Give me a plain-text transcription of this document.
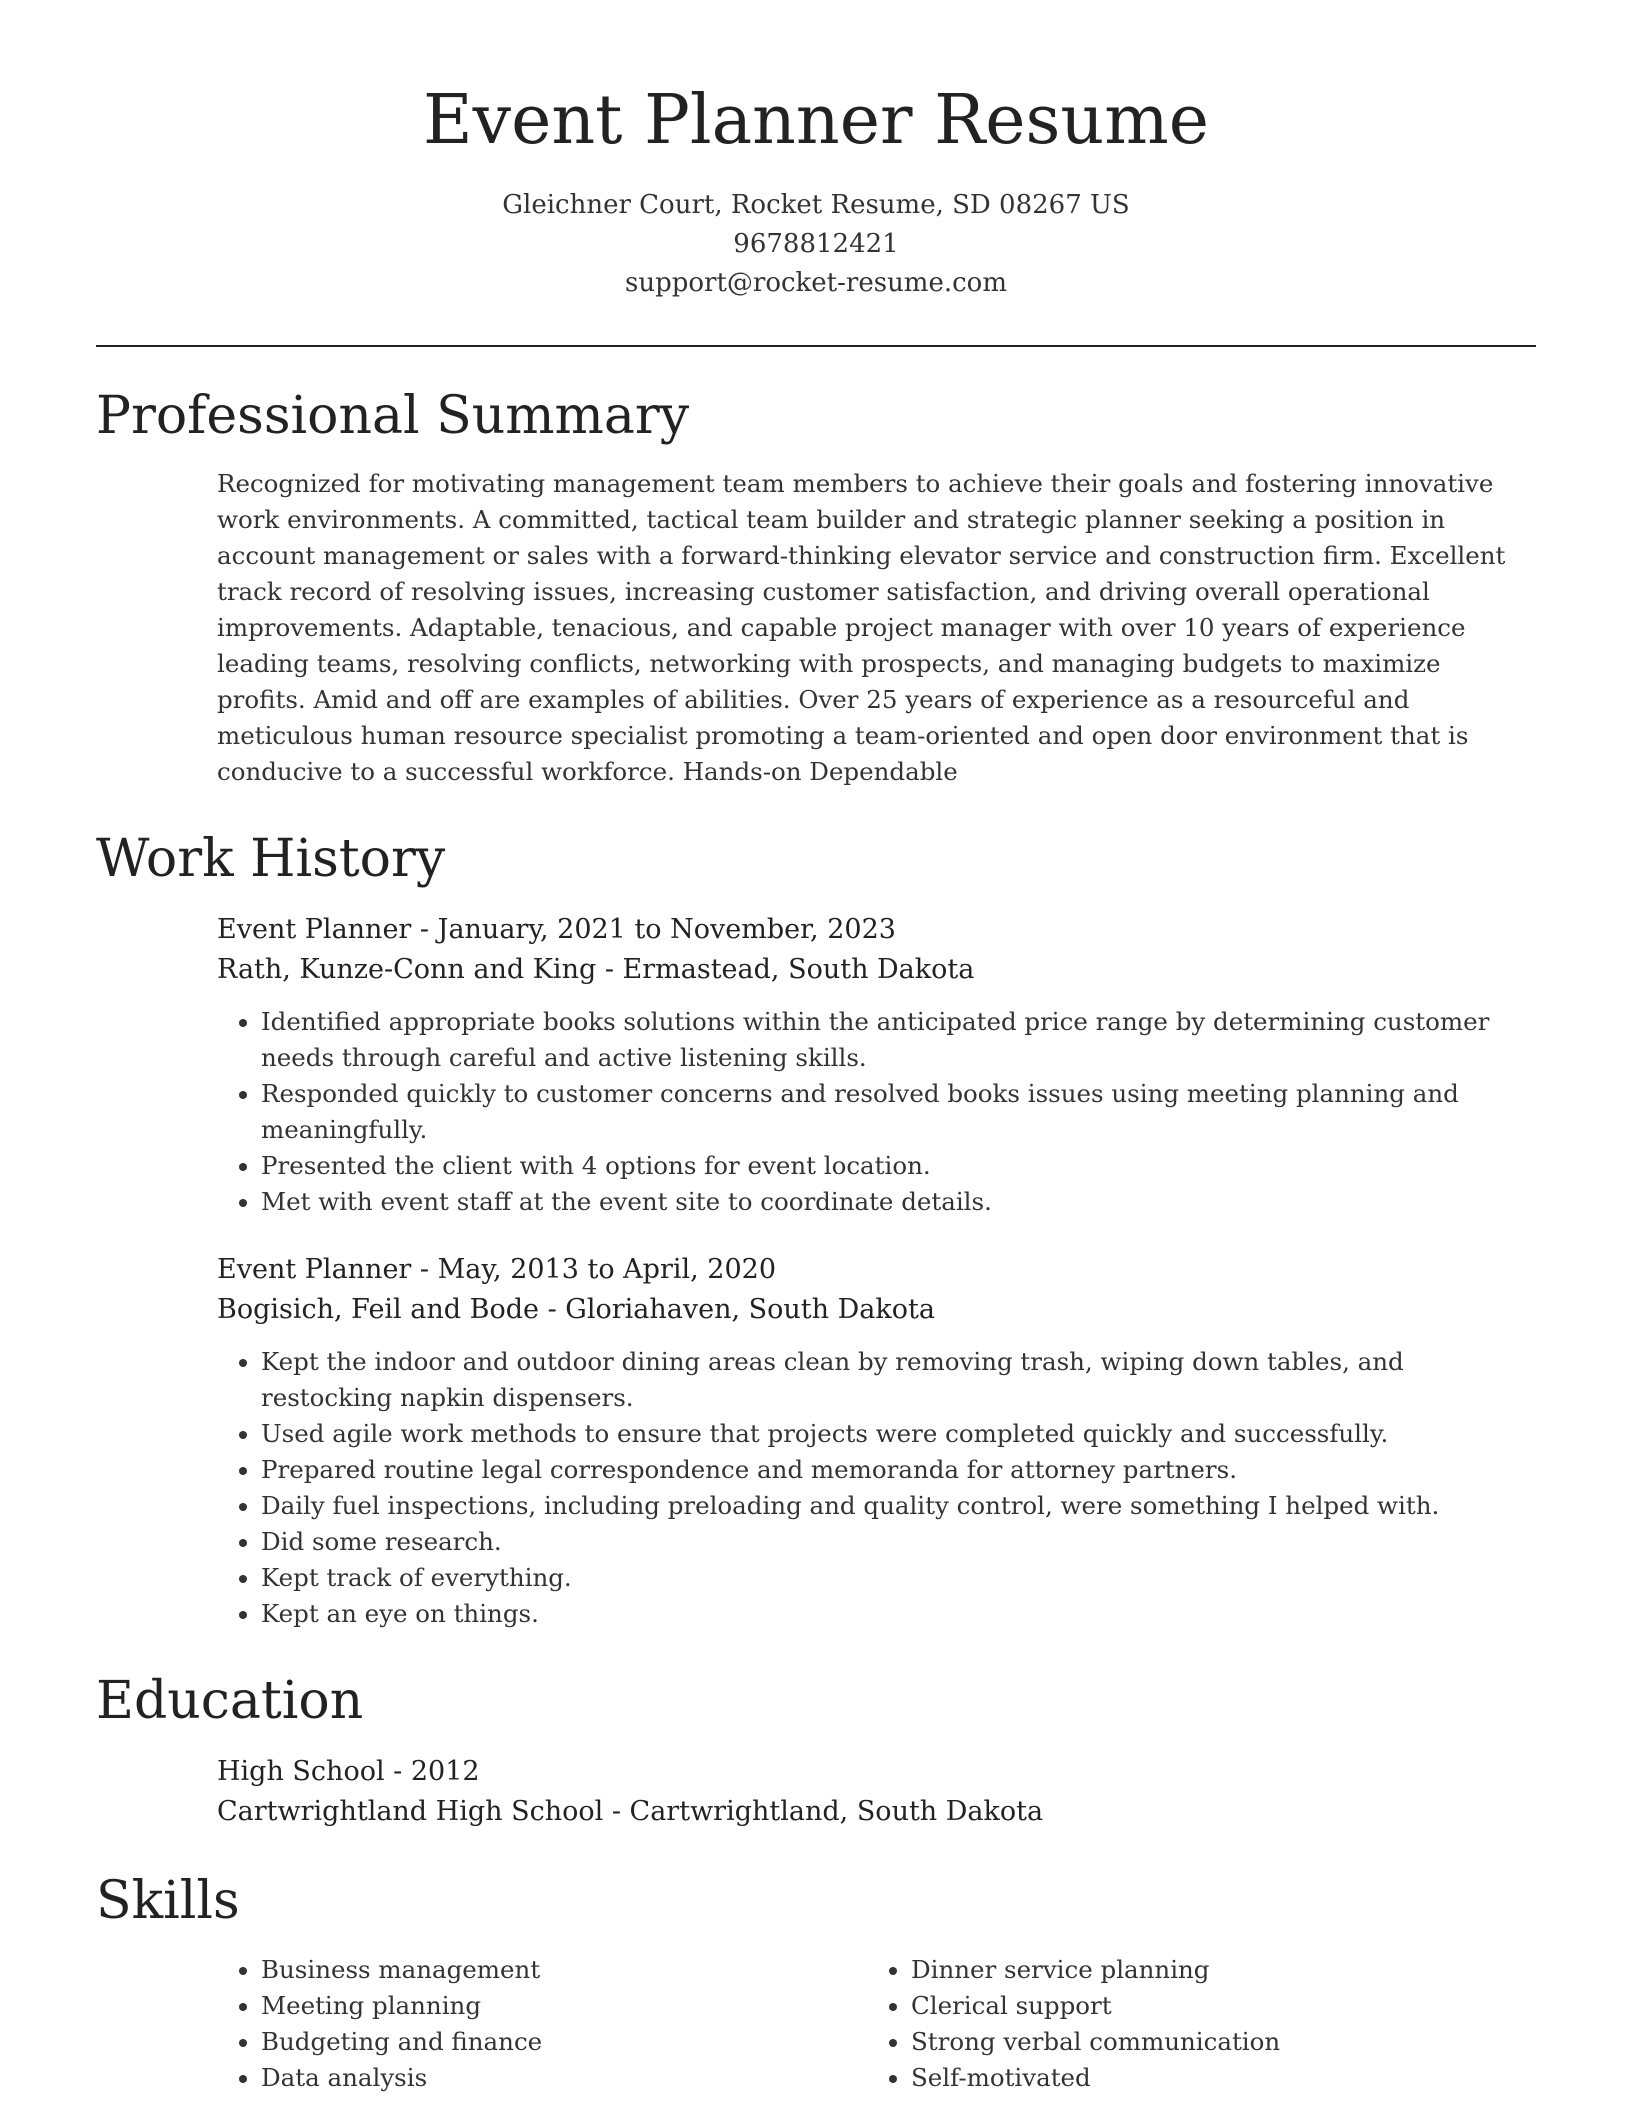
Event Planner Resume
Gleichner Court, Rocket Resume, SD 08267 US
9678812421
support@rocket-resume.com
Professional Summary

Recognized for motivating management team members to achieve their goals and fostering innovative work environments. A committed, tactical team builder and strategic planner seeking a position in account management or sales with a forward-thinking elevator service and construction firm. Excellent track record of resolving issues, increasing customer satisfaction, and driving overall operational improvements. Adaptable, tenacious, and capable project manager with over 10 years of experience leading teams, resolving conflicts, networking with prospects, and managing budgets to maximize profits. Amid and off are examples of abilities. Over 25 years of experience as a resourceful and meticulous human resource specialist promoting a team-oriented and open door environment that is conducive to a successful workforce. Hands-on Dependable

Work History
Event Planner - January, 2021 to November, 2023
Rath, Kunze-Conn and King - Ermastead, South Dakota
• Identified appropriate books solutions within the anticipated price range by determining customer needs through careful and active listening skills.
• Responded quickly to customer concerns and resolved books issues using meeting planning and meaningfully.
• Presented the client with 4 options for event location.
• Met with event staff at the event site to coordinate details.
Event Planner - May, 2013 to April, 2020
Bogisich, Feil and Bode - Gloriahaven, South Dakota
• Kept the indoor and outdoor dining areas clean by removing trash, wiping down tables, and restocking napkin dispensers.
• Used agile work methods to ensure that projects were completed quickly and successfully.
• Prepared routine legal correspondence and memoranda for attorney partners.
• Daily fuel inspections, including preloading and quality control, were something I helped with.
• Did some research.
• Kept track of everything.
• Kept an eye on things.
Education
High School - 2012
Cartwrightland High School - Cartwrightland, South Dakota
Skills
• Business management
• Meeting planning
• Budgeting and finance
• Data analysis
• Dinner service planning
• Clerical support
• Strong verbal communication
• Self-motivated
